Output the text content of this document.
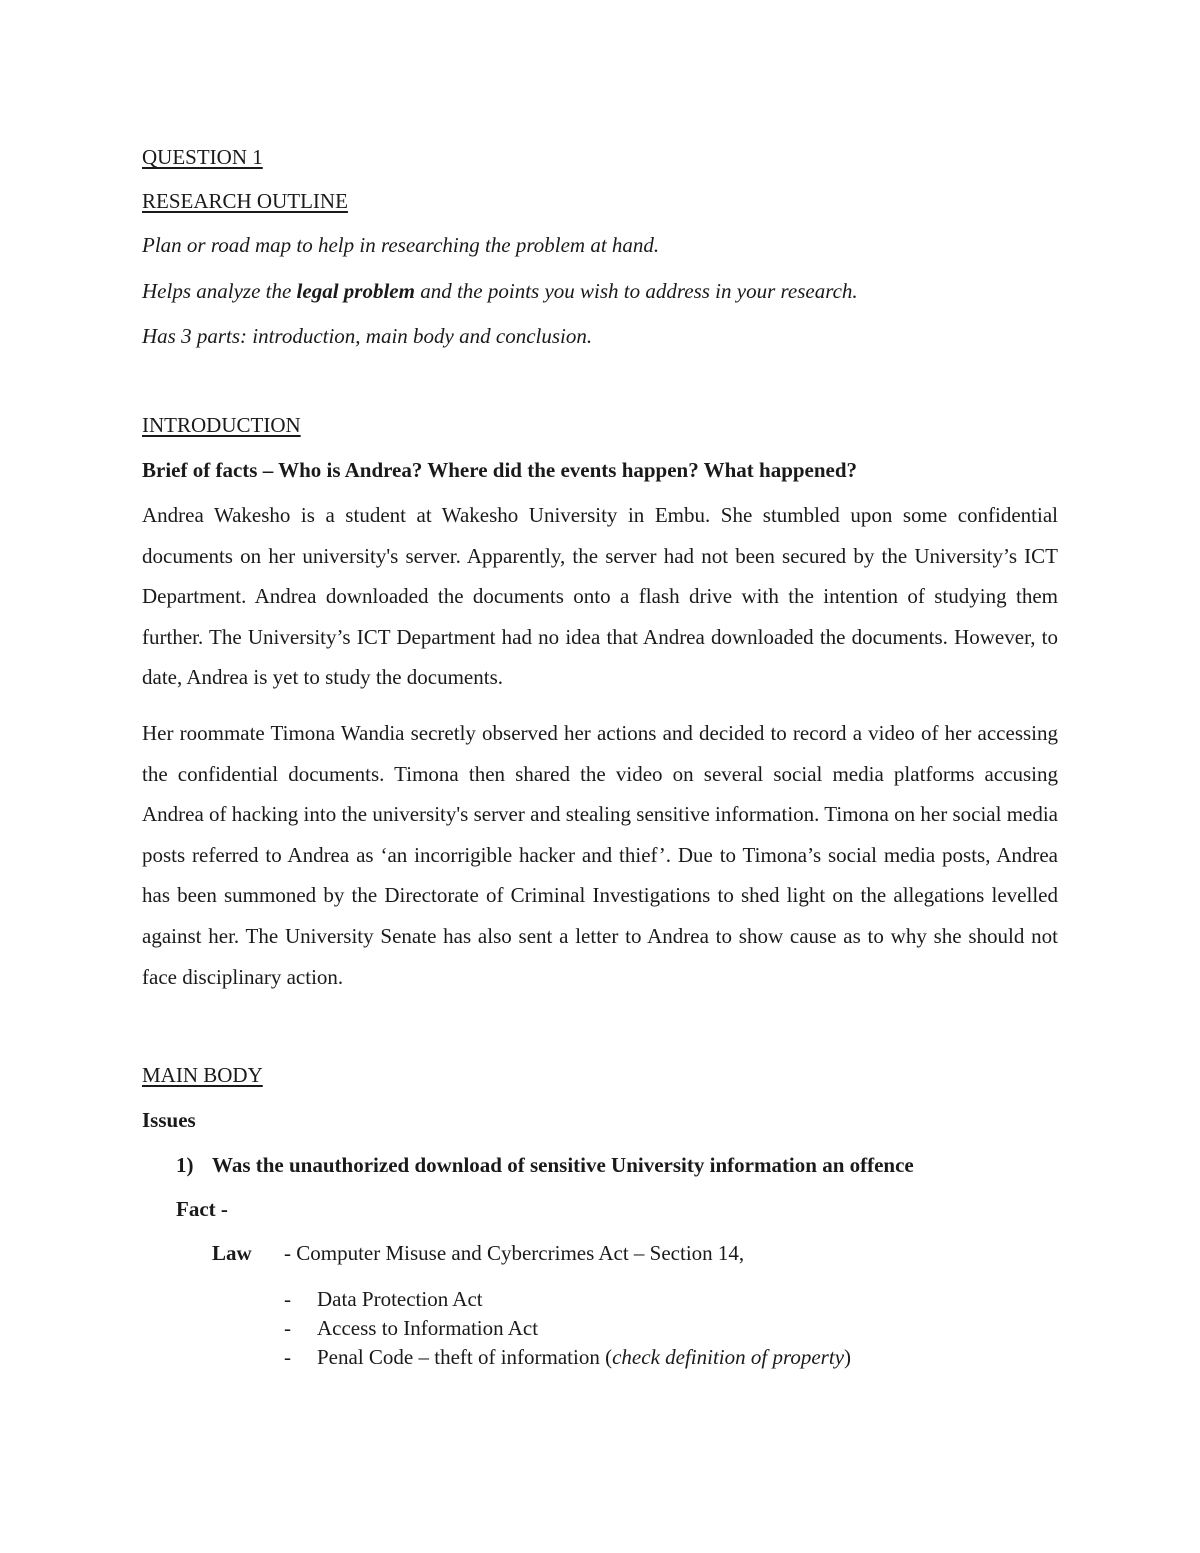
QUESTION 1
RESEARCH OUTLINE
Plan or road map to help in researching the problem at hand.
Helps analyze the legal problem and the points you wish to address in your research.
Has 3 parts: introduction, main body and conclusion.
INTRODUCTION
Brief of facts – Who is Andrea? Where did the events happen? What happened?

Andrea Wakesho is a student at Wakesho University in Embu. She stumbled upon some confidential documents on her university's server. Apparently, the server had not been secured by the University’s ICT Department. Andrea downloaded the documents onto a flash drive with the intention of studying them further. The University’s ICT Department had no idea that Andrea downloaded the documents. However, to date, Andrea is yet to study the documents.

Her roommate Timona Wandia secretly observed her actions and decided to record a video of her accessing the confidential documents. Timona then shared the video on several social media platforms accusing Andrea of hacking into the university's server and stealing sensitive information. Timona on her social media posts referred to Andrea as ‘an incorrigible hacker and thief’. Due to Timona’s social media posts, Andrea has been summoned by the Directorate of Criminal Investigations to shed light on the allegations levelled against her. The University Senate has also sent a letter to Andrea to show cause as to why she should not face disciplinary action.

MAIN BODY
Issues
1) Was the unauthorized download of sensitive University information an offence
Fact -
Law - Computer Misuse and Cybercrimes Act – Section 14,
- Data Protection Act
- Access to Information Act
- Penal Code – theft of information (check definition of property)
